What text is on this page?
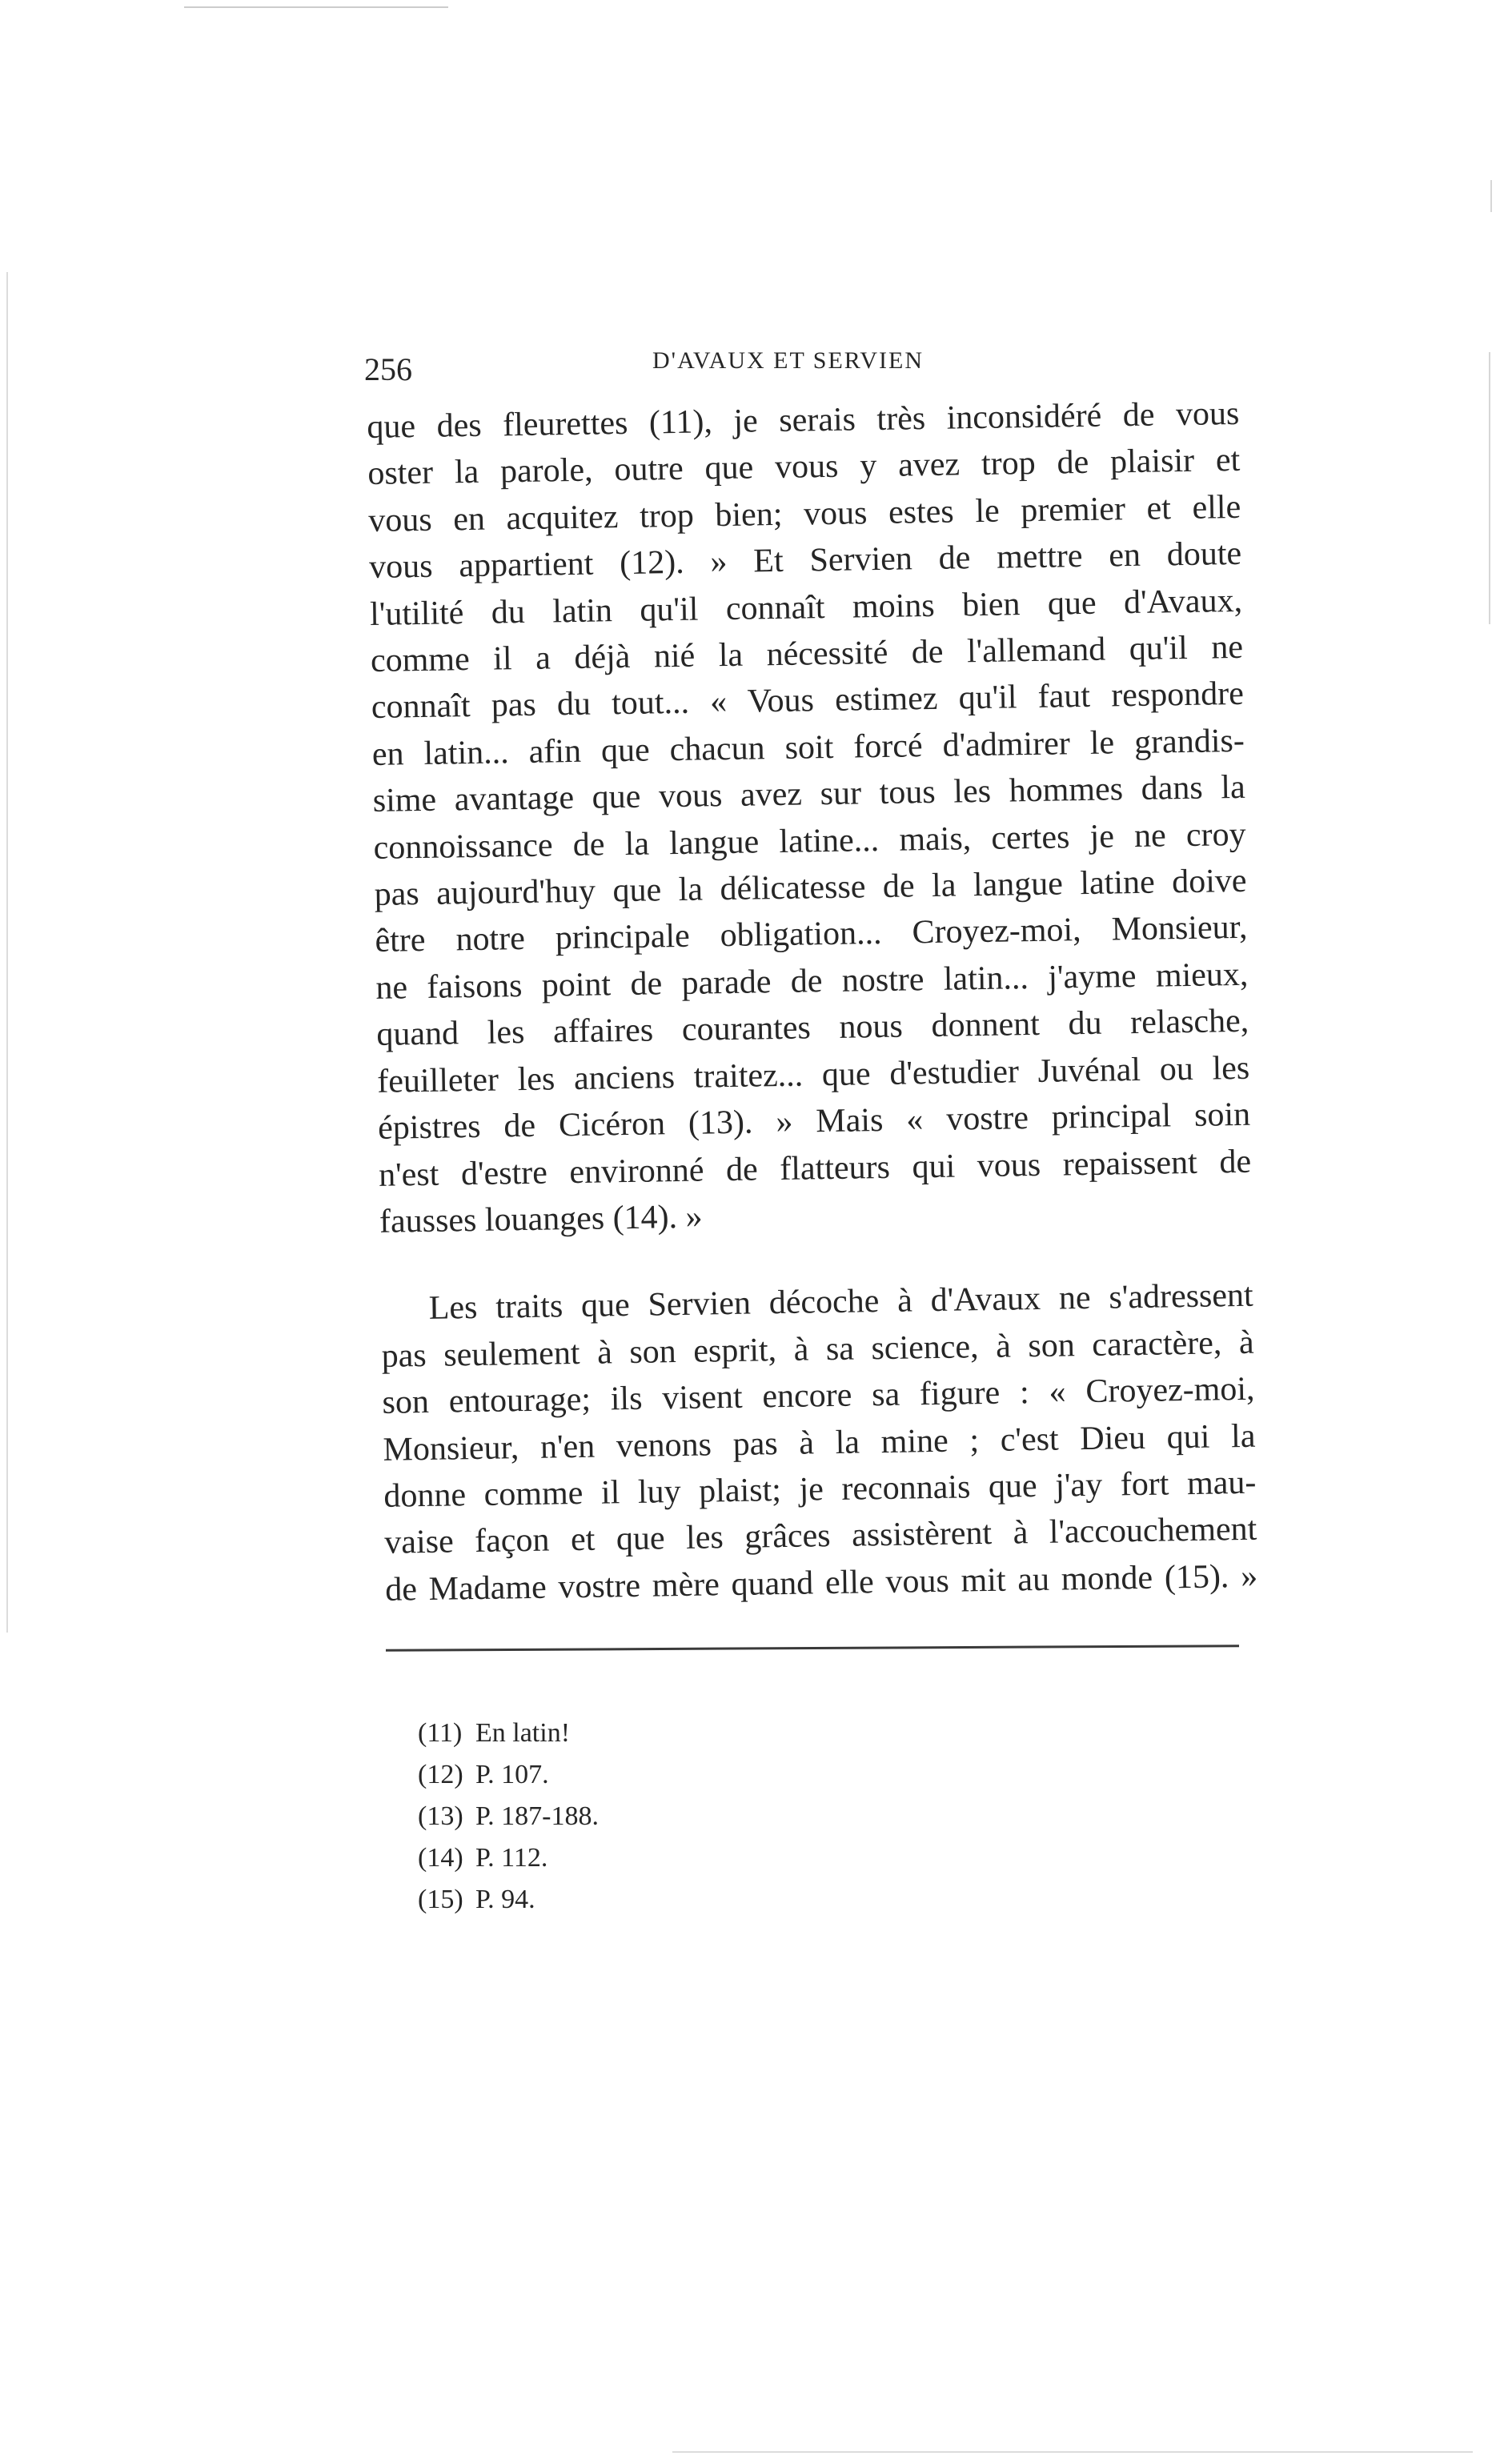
256	D'AVAUX ET SERVIEN
que des fleurettes (11), je serais très inconsidéré de vous
oster la parole, outre que vous y avez trop de plaisir et
vous en acquitez trop bien; vous estes le premier et elle
vous appartient (12). » Et Servien de mettre en doute
l'utilité du latin qu'il connaît moins bien que d'Avaux,
comme il a déjà nié la nécessité de l'allemand qu'il ne
connaît pas du tout... « Vous estimez qu'il faut respondre
en latin... afin que chacun soit forcé d'admirer le grandis-
sime avantage que vous avez sur tous les hommes dans la
connoissance de la langue latine... mais, certes je ne croy
pas aujourd'huy que la délicatesse de la langue latine doive
être notre principale obligation... Croyez-moi, Monsieur,
ne faisons point de parade de nostre latin... j'ayme mieux,
quand les affaires courantes nous donnent du relasche,
feuilleter les anciens traitez... que d'estudier Juvénal ou les
épistres de Cicéron (13). » Mais « vostre principal soin
n'est d'estre environné de flatteurs qui vous repaissent de
fausses louanges (14). »
Les traits que Servien décoche à d'Avaux ne s'adressent
pas seulement à son esprit, à sa science, à son caractère, à
son entourage; ils visent encore sa figure : « Croyez-moi,
Monsieur, n'en venons pas à la mine ; c'est Dieu qui la
donne comme il luy plaist; je reconnais que j'ay fort mau-
vaise façon et que les grâces assistèrent à l'accouchement
de Madame vostre mère quand elle vous mit au monde (15). »
(11) En latin!
(12) P. 107.
(13) P. 187-188.
(14) P. 112.
(15) P. 94.
